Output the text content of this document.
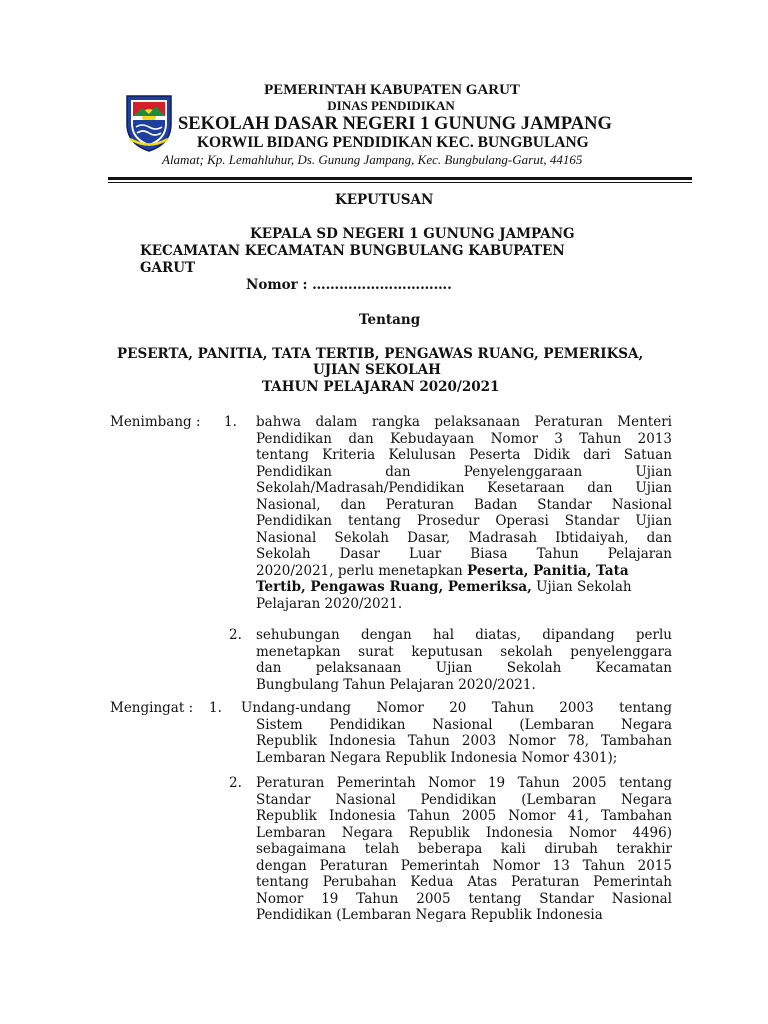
PEMERINTAH KABUPATEN GARUT
DINAS PENDIDIKAN
SEKOLAH DASAR NEGERI 1 GUNUNG JAMPANG
KORWIL BIDANG PENDIDIKAN KEC. BUNGBULANG
Alamat; Kp. Lemahluhur, Ds. Gunung Jampang, Kec. Bungbulang-Garut, 44165
KEPUTUSAN
KEPALA SD NEGERI 1 GUNUNG JAMPANG
KECAMATAN KECAMATAN BUNGBULANG KABUPATEN
GARUT
Nomor : ………………………….
Tentang
PESERTA, PANITIA, TATA TERTIB, PENGAWAS RUANG, PEMERIKSA,
UJIAN SEKOLAH
TAHUN PELAJARAN 2020/2021
Menimbang : 1. bahwa dalam rangka pelaksanaan Peraturan Menteri
Pendidikan dan Kebudayaan Nomor 3 Tahun 2013
tentang Kriteria Kelulusan Peserta Didik dari Satuan
Pendidikan dan Penyelenggaraan Ujian
Sekolah/Madrasah/Pendidikan Kesetaraan dan Ujian
Nasional, dan Peraturan Badan Standar Nasional
Pendidikan tentang Prosedur Operasi Standar Ujian
Nasional Sekolah Dasar, Madrasah Ibtidaiyah, dan
Sekolah Dasar Luar Biasa Tahun Pelajaran
2020/2021, perlu menetapkan Peserta, Panitia, Tata
Tertib, Pengawas Ruang, Pemeriksa, Ujian Sekolah
Pelajaran 2020/2021.
2. sehubungan dengan hal diatas, dipandang perlu
menetapkan surat keputusan sekolah penyelenggara
dan pelaksanaan Ujian Sekolah Kecamatan
Bungbulang Tahun Pelajaran 2020/2021.
Mengingat : 1. Undang-undang Nomor 20 Tahun 2003 tentang
Sistem Pendidikan Nasional (Lembaran Negara
Republik Indonesia Tahun 2003 Nomor 78, Tambahan
Lembaran Negara Republik Indonesia Nomor 4301);
2. Peraturan Pemerintah Nomor 19 Tahun 2005 tentang
Standar Nasional Pendidikan (Lembaran Negara
Republik Indonesia Tahun 2005 Nomor 41, Tambahan
Lembaran Negara Republik Indonesia Nomor 4496)
sebagaimana telah beberapa kali dirubah terakhir
dengan Peraturan Pemerintah Nomor 13 Tahun 2015
tentang Perubahan Kedua Atas Peraturan Pemerintah
Nomor 19 Tahun 2005 tentang Standar Nasional
Pendidikan (Lembaran Negara Republik Indonesia
